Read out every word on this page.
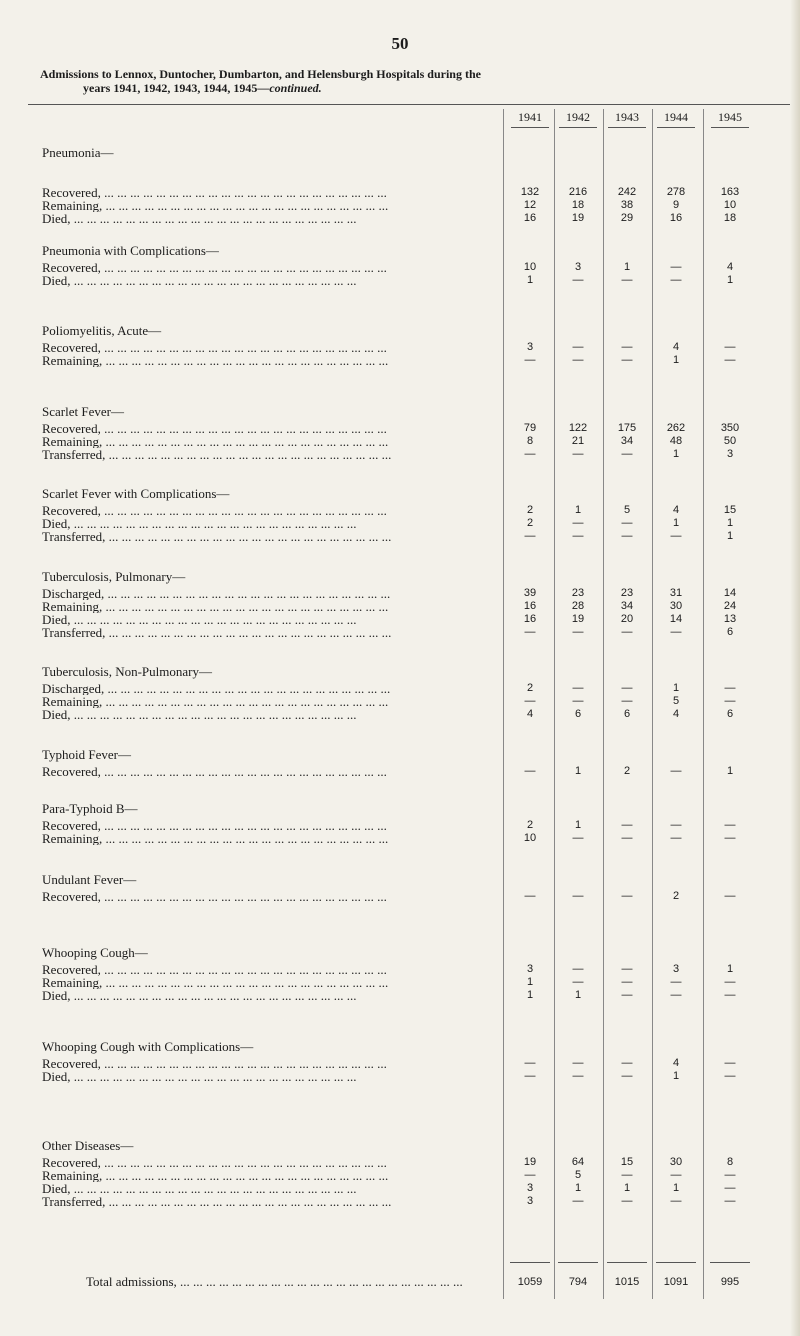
50
Admissions to Lennox, Duntocher, Dumbarton, and Helensburgh Hospitals during the
years 1941, 1942, 1943, 1944, 1945—continued.
1941	1942	1943	1944	1945
Pneumonia—
Recovered, ... ... ... ... ... ... ... ... ... ... ... ... ... ... ... ... ... ... ... ... ... ...	132	216	242	278	163
Remaining, ... ... ... ... ... ... ... ... ... ... ... ... ... ... ... ... ... ... ... ... ... ...	12	18	38	9	10
Died, ... ... ... ... ... ... ... ... ... ... ... ... ... ... ... ... ... ... ... ... ... ...	16	19	29	16	18
Pneumonia with Complications—
Recovered, ... ... ... ... ... ... ... ... ... ... ... ... ... ... ... ... ... ... ... ... ... ...	10	3	1	—	4
Died, ... ... ... ... ... ... ... ... ... ... ... ... ... ... ... ... ... ... ... ... ... ...	1	—	—	—	1
Poliomyelitis, Acute—
Recovered, ... ... ... ... ... ... ... ... ... ... ... ... ... ... ... ... ... ... ... ... ... ...	3	—	—	4	—
Remaining, ... ... ... ... ... ... ... ... ... ... ... ... ... ... ... ... ... ... ... ... ... ...	—	—	—	1	—
Scarlet Fever—
Recovered, ... ... ... ... ... ... ... ... ... ... ... ... ... ... ... ... ... ... ... ... ... ...	79	122	175	262	350
Remaining, ... ... ... ... ... ... ... ... ... ... ... ... ... ... ... ... ... ... ... ... ... ...	8	21	34	48	50
Transferred, ... ... ... ... ... ... ... ... ... ... ... ... ... ... ... ... ... ... ... ... ... ...	—	—	—	1	3
Scarlet Fever with Complications—
Recovered, ... ... ... ... ... ... ... ... ... ... ... ... ... ... ... ... ... ... ... ... ... ...	2	1	5	4	15
Died, ... ... ... ... ... ... ... ... ... ... ... ... ... ... ... ... ... ... ... ... ... ...	2	—	—	1	1
Transferred, ... ... ... ... ... ... ... ... ... ... ... ... ... ... ... ... ... ... ... ... ... ...	—	—	—	—	1
Tuberculosis, Pulmonary—
Discharged, ... ... ... ... ... ... ... ... ... ... ... ... ... ... ... ... ... ... ... ... ... ...	39	23	23	31	14
Remaining, ... ... ... ... ... ... ... ... ... ... ... ... ... ... ... ... ... ... ... ... ... ...	16	28	34	30	24
Died, ... ... ... ... ... ... ... ... ... ... ... ... ... ... ... ... ... ... ... ... ... ...	16	19	20	14	13
Transferred, ... ... ... ... ... ... ... ... ... ... ... ... ... ... ... ... ... ... ... ... ... ...	—	—	—	—	6
Tuberculosis, Non-Pulmonary—
Discharged, ... ... ... ... ... ... ... ... ... ... ... ... ... ... ... ... ... ... ... ... ... ...	2	—	—	1	—
Remaining, ... ... ... ... ... ... ... ... ... ... ... ... ... ... ... ... ... ... ... ... ... ...	—	—	—	5	—
Died, ... ... ... ... ... ... ... ... ... ... ... ... ... ... ... ... ... ... ... ... ... ...	4	6	6	4	6
Typhoid Fever—
Recovered, ... ... ... ... ... ... ... ... ... ... ... ... ... ... ... ... ... ... ... ... ... ...	—	1	2	—	1
Para-Typhoid B—
Recovered, ... ... ... ... ... ... ... ... ... ... ... ... ... ... ... ... ... ... ... ... ... ...	2	1	—	—	—
Remaining, ... ... ... ... ... ... ... ... ... ... ... ... ... ... ... ... ... ... ... ... ... ...	10	—	—	—	—
Undulant Fever—
Recovered, ... ... ... ... ... ... ... ... ... ... ... ... ... ... ... ... ... ... ... ... ... ...	—	—	—	2	—
Whooping Cough—
Recovered, ... ... ... ... ... ... ... ... ... ... ... ... ... ... ... ... ... ... ... ... ... ...	3	—	—	3	1
Remaining, ... ... ... ... ... ... ... ... ... ... ... ... ... ... ... ... ... ... ... ... ... ...	1	—	—	—	—
Died, ... ... ... ... ... ... ... ... ... ... ... ... ... ... ... ... ... ... ... ... ... ...	1	1	—	—	—
Whooping Cough with Complications—
Recovered, ... ... ... ... ... ... ... ... ... ... ... ... ... ... ... ... ... ... ... ... ... ...	—	—	—	4	—
Died, ... ... ... ... ... ... ... ... ... ... ... ... ... ... ... ... ... ... ... ... ... ...	—	—	—	1	—
Other Diseases—
Recovered, ... ... ... ... ... ... ... ... ... ... ... ... ... ... ... ... ... ... ... ... ... ...	19	64	15	30	8
Remaining, ... ... ... ... ... ... ... ... ... ... ... ... ... ... ... ... ... ... ... ... ... ...	—	5	—	—	—
Died, ... ... ... ... ... ... ... ... ... ... ... ... ... ... ... ... ... ... ... ... ... ...	3	1	1	1	—
Transferred, ... ... ... ... ... ... ... ... ... ... ... ... ... ... ... ... ... ... ... ... ... ...	3	—	—	—	—
Total admissions, ... ... ... ... ... ... ... ... ... ... ... ... ... ... ... ... ... ... ... ... ... ...	1059	794	1015	1091	995
